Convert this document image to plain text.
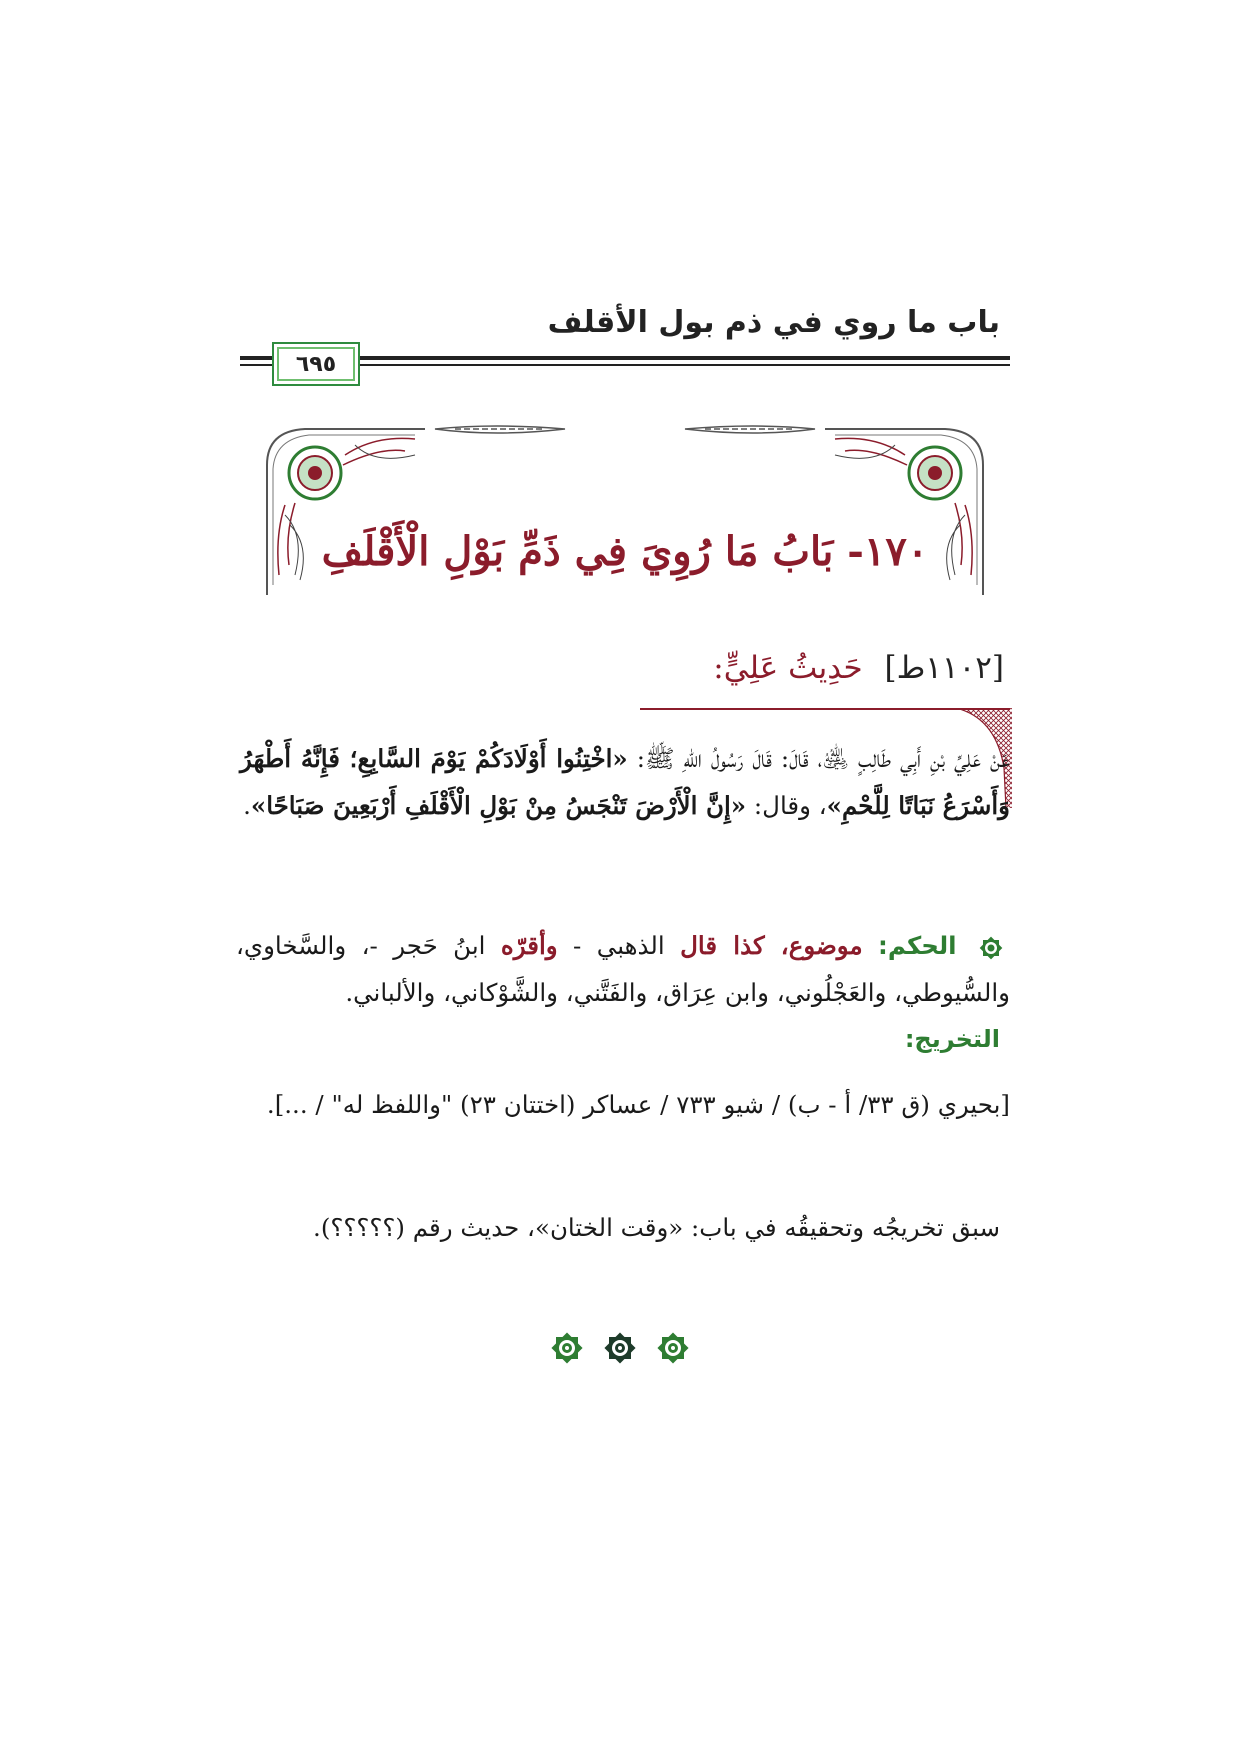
باب ما روي في ذم بول الأقلف
٦٩٥
١٧٠- بَابُ مَا رُوِيَ فِي ذَمِّ بَوْلِ الْأَقْلَفِ
[١١٠٢ط] حَدِيثُ عَلِيٍّ:
عَنْ عَلِيِّ بْنِ أَبِي طَالِبٍ ﵁، قَالَ: قَالَ رَسُولُ اللهِ ﷺ: «اخْتِنُوا أَوْلَادَكُمْ يَوْمَ السَّابِعِ؛ فَإِنَّهُ أَطْهَرُ وَأَسْرَعُ نَبَاتًا لِلَّحْمِ»، وقال: «إِنَّ الْأَرْضَ تَنْجَسُ مِنْ بَوْلِ الْأَقْلَفِ أَرْبَعِينَ صَبَاحًا».
الحكم: موضوع، كذا قال الذهبي - وأقرّه ابنُ حَجر -، والسَّخاوي، والسُّيوطي، والعَجْلُوني، وابن عِرَاق، والفَتَّني، والشَّوْكاني، والألباني.
التخريج:
[بحيري (ق ٣٣/ أ - ب) / شيو ٧٣٣ / عساكر (اختتان ٢٣) "واللفظ له" / ...].
سبق تخريجُه وتحقيقُه في باب: «وقت الختان»، حديث رقم (؟؟؟؟؟).
